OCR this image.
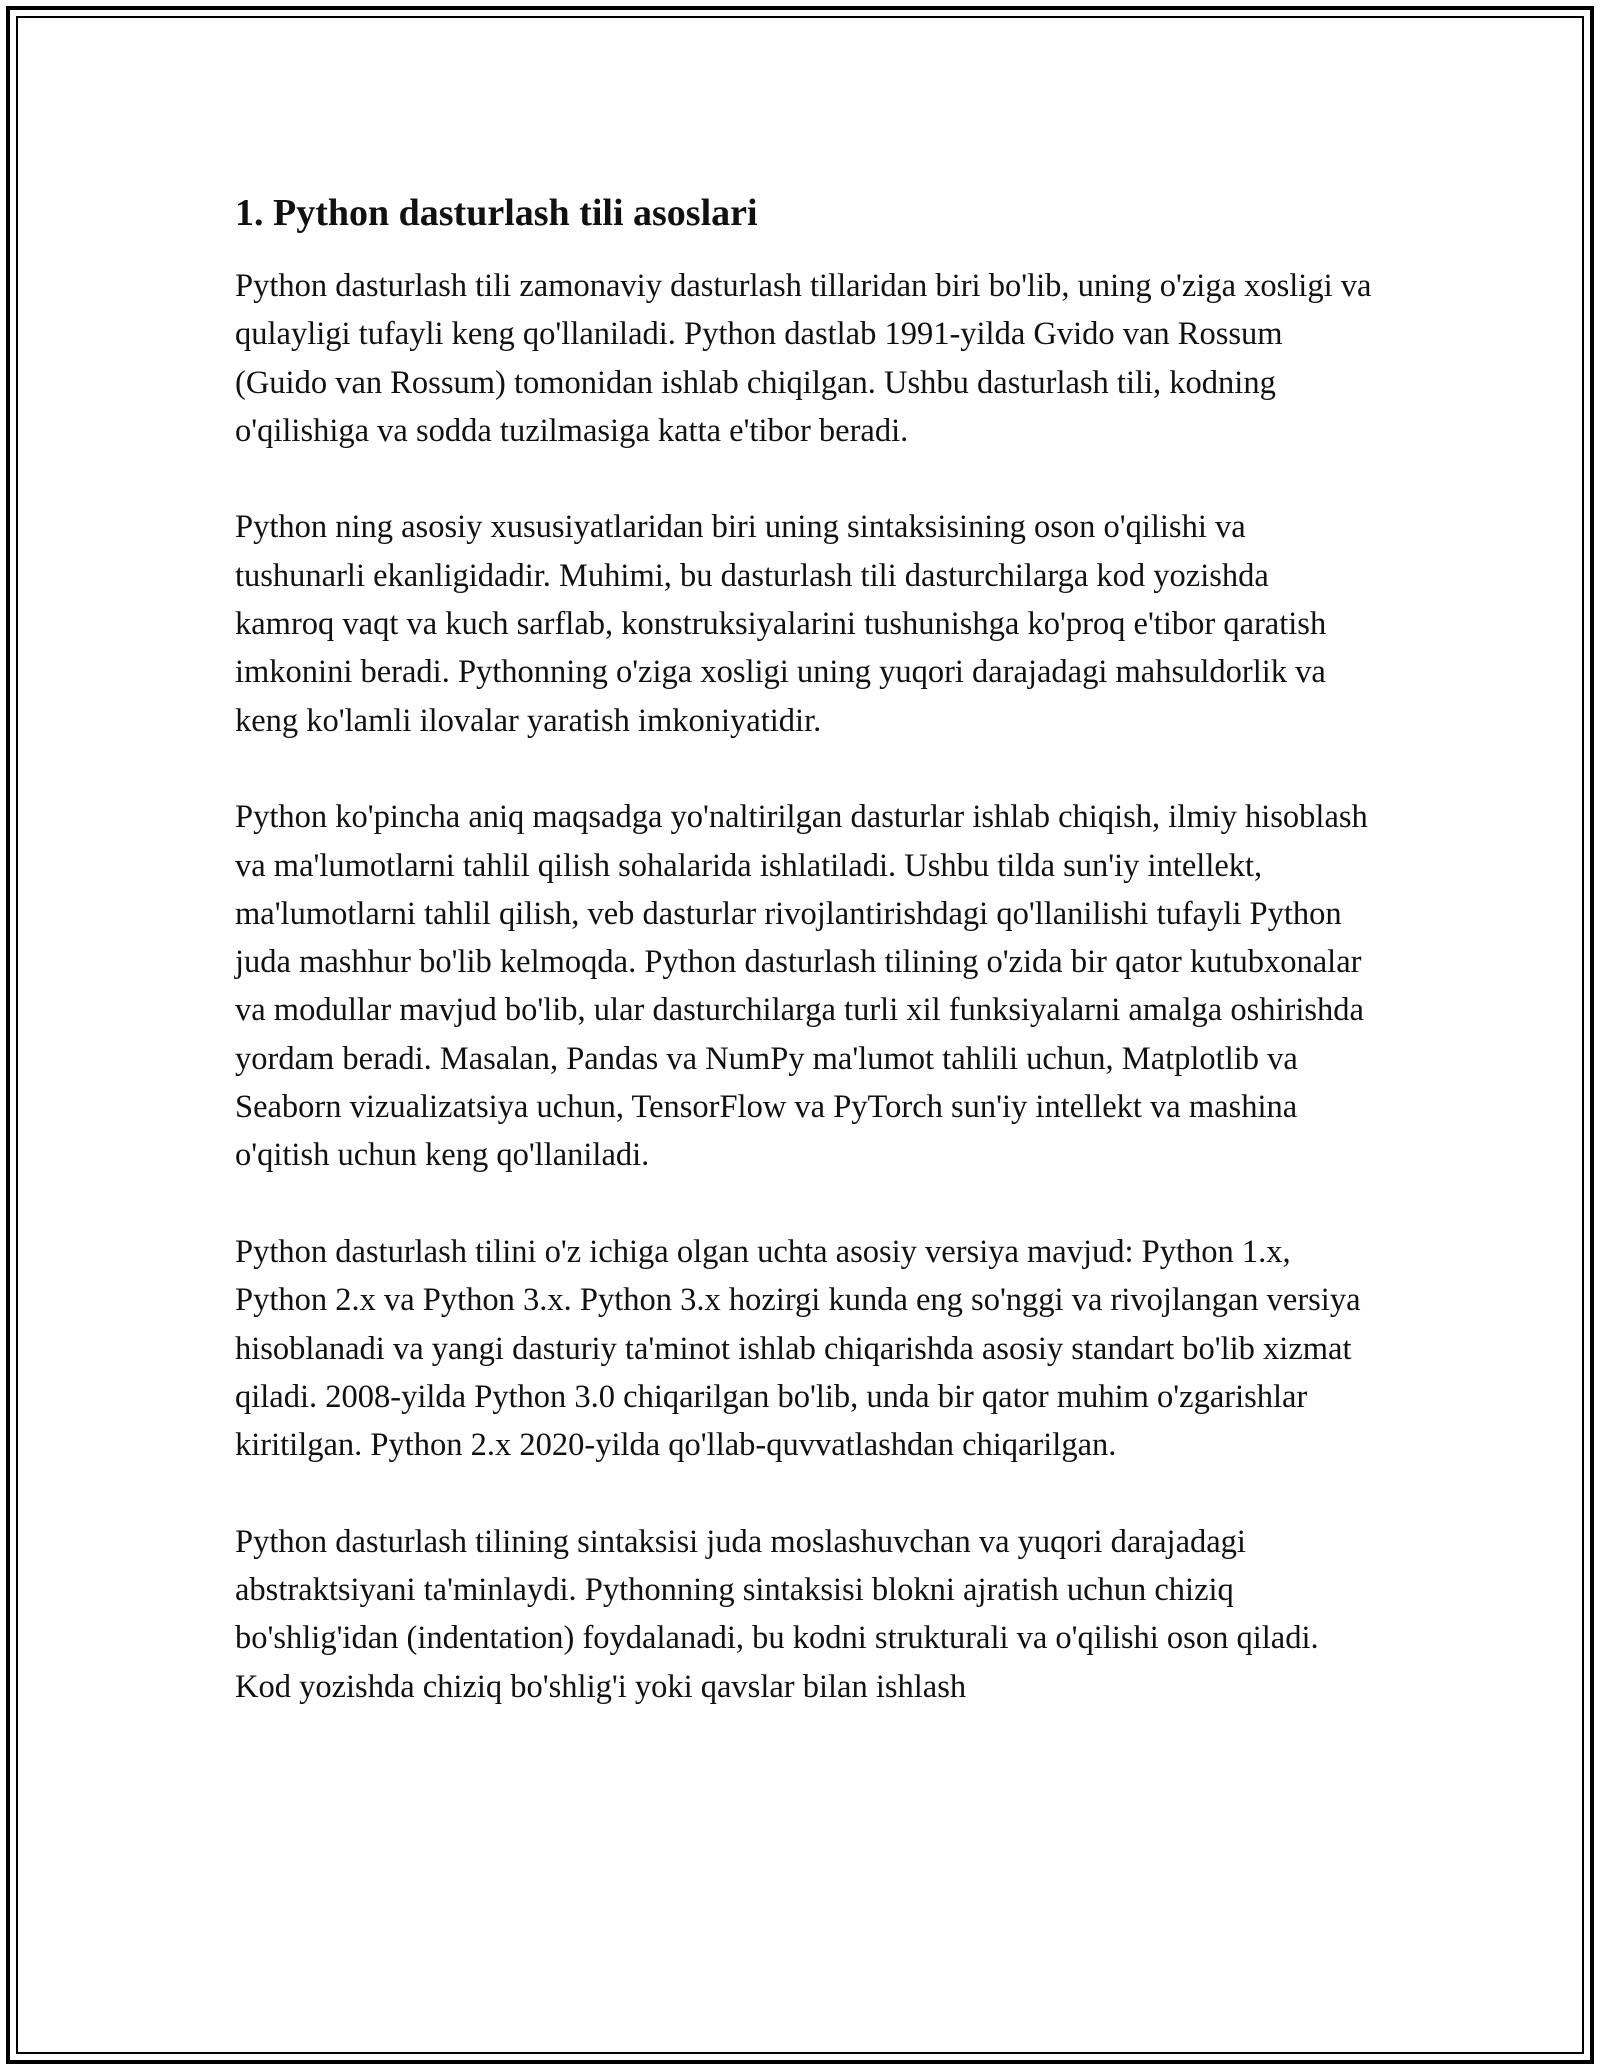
1. Python dasturlash tili asoslari

Python dasturlash tili zamonaviy dasturlash tillaridan biri bo'lib, uning o'ziga xosligi va qulayligi tufayli keng qo'llaniladi. Python dastlab 1991-yilda Gvido van Rossum (Guido van Rossum) tomonidan ishlab chiqilgan. Ushbu dasturlash tili, kodning o'qilishiga va sodda tuzilmasiga katta e'tibor beradi.

Python ning asosiy xususiyatlaridan biri uning sintaksisining oson o'qilishi va tushunarli ekanligidadir. Muhimi, bu dasturlash tili dasturchilarga kod yozishda kamroq vaqt va kuch sarflab, konstruksiyalarini tushunishga ko'proq e'tibor qaratish imkonini beradi. Pythonning o'ziga xosligi uning yuqori darajadagi mahsuldorlik va keng ko'lamli ilovalar yaratish imkoniyatidir.

Python ko'pincha aniq maqsadga yo'naltirilgan dasturlar ishlab chiqish, ilmiy hisoblash va ma'lumotlarni tahlil qilish sohalarida ishlatiladi. Ushbu tilda sun'iy intellekt, ma'lumotlarni tahlil qilish, veb dasturlar rivojlantirishdagi qo'llanilishi tufayli Python juda mashhur bo'lib kelmoqda. Python dasturlash tilining o'zida bir qator kutubxonalar va modullar mavjud bo'lib, ular dasturchilarga turli xil funksiyalarni amalga oshirishda yordam beradi. Masalan, Pandas va NumPy ma'lumot tahlili uchun, Matplotlib va Seaborn vizualizatsiya uchun, TensorFlow va PyTorch sun'iy intellekt va mashina o'qitish uchun keng qo'llaniladi.

Python dasturlash tilini o'z ichiga olgan uchta asosiy versiya mavjud: Python 1.x, Python 2.x va Python 3.x. Python 3.x hozirgi kunda eng so'nggi va rivojlangan versiya hisoblanadi va yangi dasturiy ta'minot ishlab chiqarishda asosiy standart bo'lib xizmat qiladi. 2008-yilda Python 3.0 chiqarilgan bo'lib, unda bir qator muhim o'zgarishlar kiritilgan. Python 2.x 2020-yilda qo'llab-quvvatlashdan chiqarilgan.

Python dasturlash tilining sintaksisi juda moslashuvchan va yuqori darajadagi abstraktsiyani ta'minlaydi. Pythonning sintaksisi blokni ajratish uchun chiziq bo'shlig'idan (indentation) foydalanadi, bu kodni strukturali va o'qilishi oson qiladi. Kod yozishda chiziq bo'shlig'i yoki qavslar bilan ishlash
